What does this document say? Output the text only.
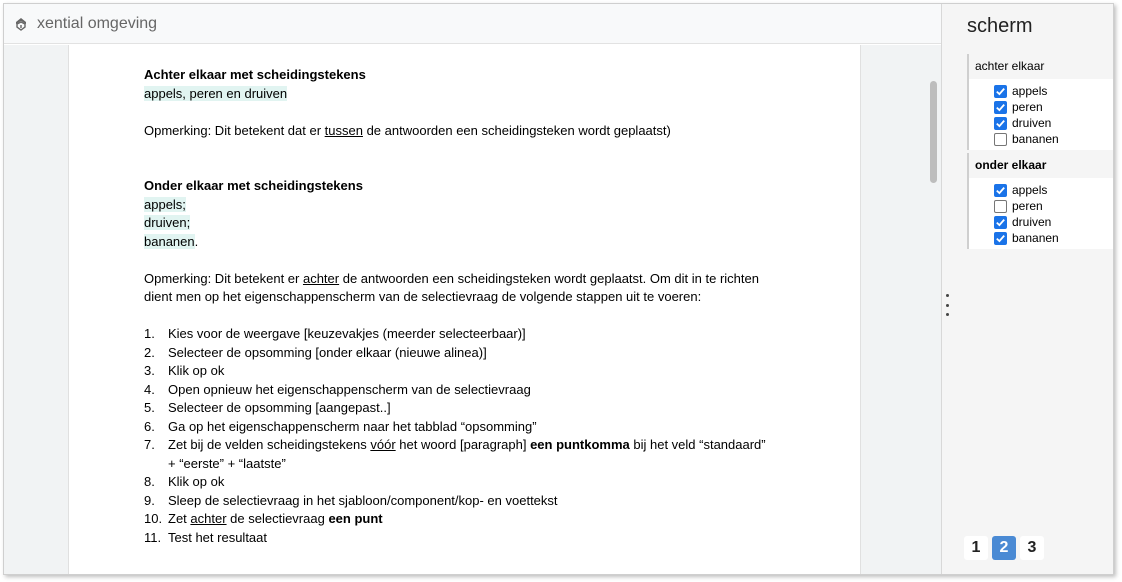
xential omgeving
Achter elkaar met scheidingstekens
appels, peren en druiven
Opmerking: Dit betekent dat er tussen de antwoorden een scheidingsteken wordt geplaatst)
Onder elkaar met scheidingstekens
appels;
druiven;
bananen.
Opmerking: Dit betekent er achter de antwoorden een scheidingsteken wordt geplaatst. Om dit in te richten
dient men op het eigenschappenscherm van de selectievraag de volgende stappen uit te voeren:
1.	Kies voor de weergave [keuzevakjes (meerder selecteerbaar)]
2.	Selecteer de opsomming [onder elkaar (nieuwe alinea)]
3.	Klik op ok
4.	Open opnieuw het eigenschappenscherm van de selectievraag
5.	Selecteer de opsomming [aangepast..]
6.	Ga op het eigenschappenscherm naar het tabblad “opsomming”
7.	Zet bij de velden scheidingstekens vóór het woord [paragraph] een puntkomma bij het veld “standaard”
+ “eerste” + “laatste”
8.	Klik op ok
9.	Sleep de selectievraag in het sjabloon/component/kop- en voettekst
10. Zet achter de selectievraag een punt
11. Test het resultaat
scherm
achter elkaar
appels
peren
druiven
bananen
onder elkaar
appels
peren
druiven
bananen
1	2	3
